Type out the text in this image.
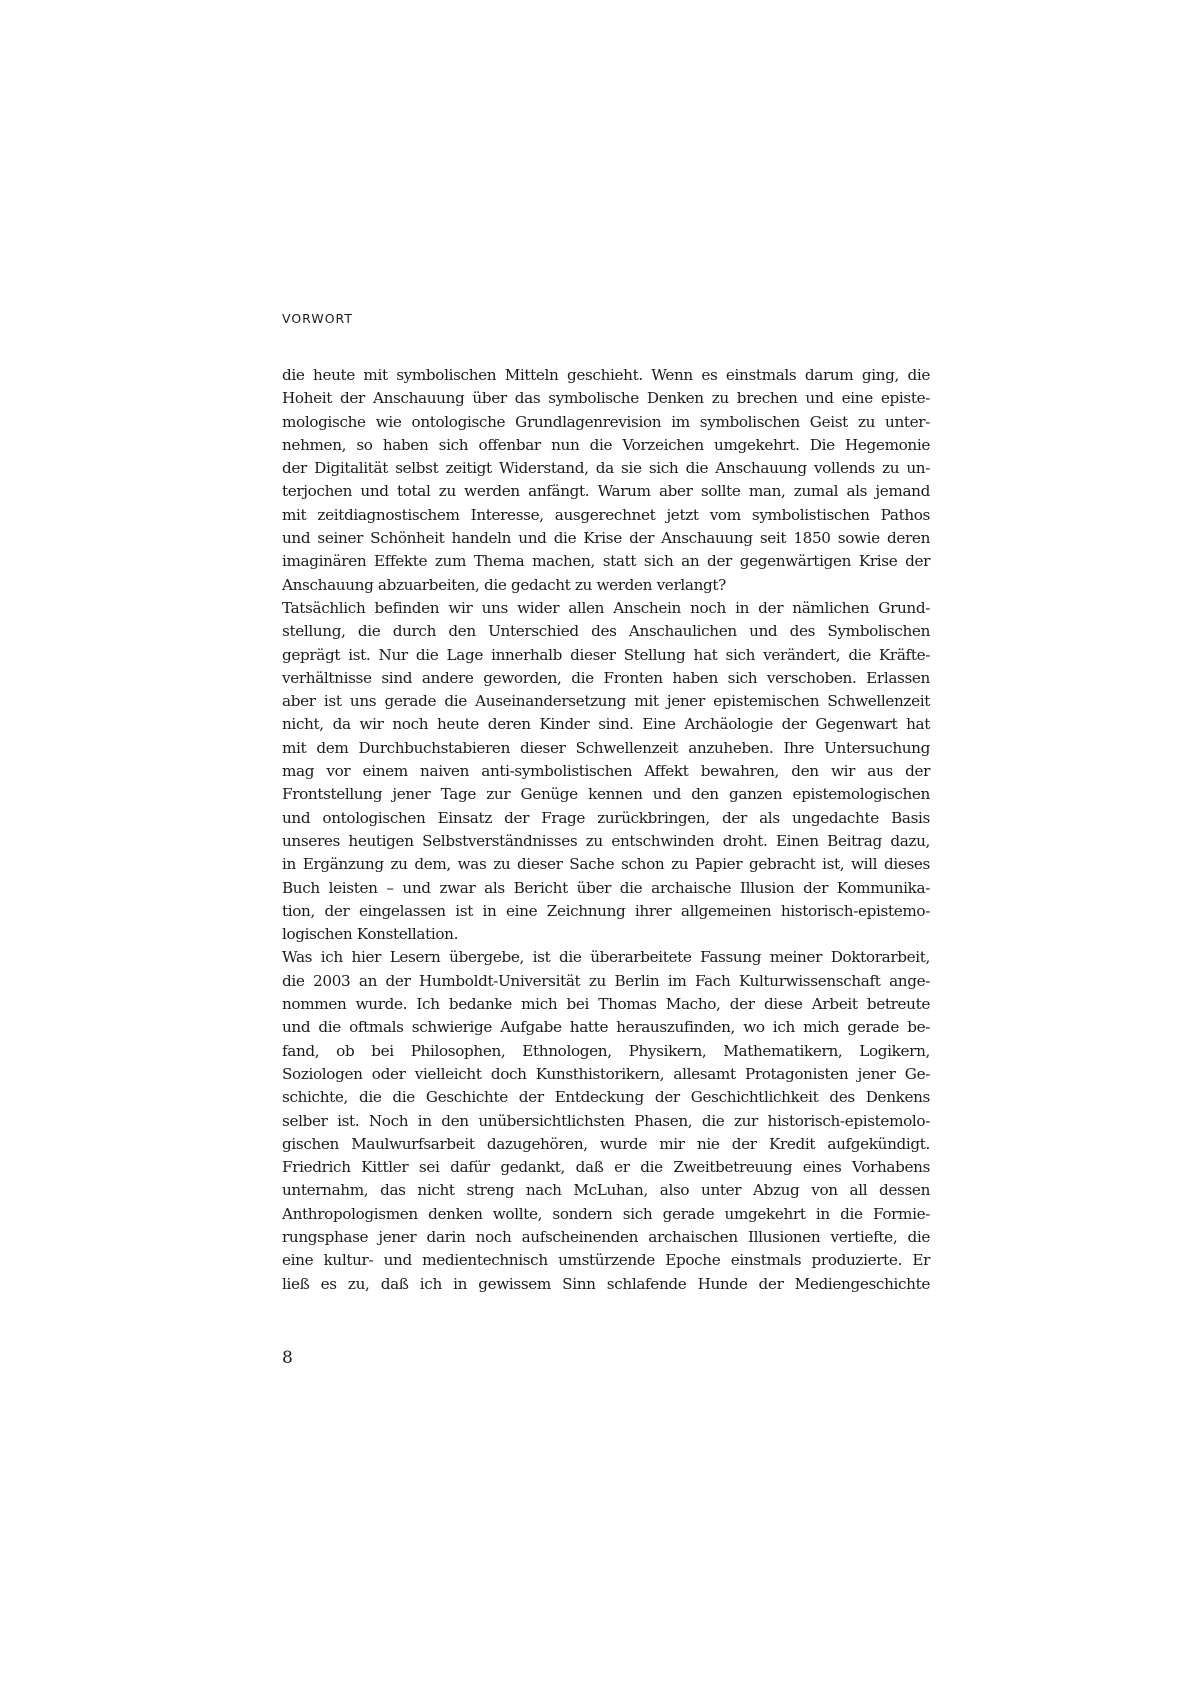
VORWORT
die heute mit symbolischen Mitteln geschieht. Wenn es einstmals darum ging, die
Hoheit der Anschauung über das symbolische Denken zu brechen und eine episte-
mologische wie ontologische Grundlagenrevision im symbolischen Geist zu unter-
nehmen, so haben sich offenbar nun die Vorzeichen umgekehrt. Die Hegemonie
der Digitalität selbst zeitigt Widerstand, da sie sich die Anschauung vollends zu un-
terjochen und total zu werden anfängt. Warum aber sollte man, zumal als jemand
mit zeitdiagnostischem Interesse, ausgerechnet jetzt vom symbolistischen Pathos
und seiner Schönheit handeln und die Krise der Anschauung seit 1850 sowie deren
imaginären Effekte zum Thema machen, statt sich an der gegenwärtigen Krise der
Anschauung abzuarbeiten, die gedacht zu werden verlangt?
Tatsächlich befinden wir uns wider allen Anschein noch in der nämlichen Grund-
stellung, die durch den Unterschied des Anschaulichen und des Symbolischen
geprägt ist. Nur die Lage innerhalb dieser Stellung hat sich verändert, die Kräfte-
verhältnisse sind andere geworden, die Fronten haben sich verschoben. Erlassen
aber ist uns gerade die Auseinandersetzung mit jener epistemischen Schwellenzeit
nicht, da wir noch heute deren Kinder sind. Eine Archäologie der Gegenwart hat
mit dem Durchbuchstabieren dieser Schwellenzeit anzuheben. Ihre Untersuchung
mag vor einem naiven anti-symbolistischen Affekt bewahren, den wir aus der
Frontstellung jener Tage zur Genüge kennen und den ganzen epistemologischen
und ontologischen Einsatz der Frage zurückbringen, der als ungedachte Basis
unseres heutigen Selbstverständnisses zu entschwinden droht. Einen Beitrag dazu,
in Ergänzung zu dem, was zu dieser Sache schon zu Papier gebracht ist, will dieses
Buch leisten – und zwar als Bericht über die archaische Illusion der Kommunika-
tion, der eingelassen ist in eine Zeichnung ihrer allgemeinen historisch-epistemo-
logischen Konstellation.
Was ich hier Lesern übergebe, ist die überarbeitete Fassung meiner Doktorarbeit,
die 2003 an der Humboldt-Universität zu Berlin im Fach Kulturwissenschaft ange-
nommen wurde. Ich bedanke mich bei Thomas Macho, der diese Arbeit betreute
und die oftmals schwierige Aufgabe hatte herauszufinden, wo ich mich gerade be-
fand, ob bei Philosophen, Ethnologen, Physikern, Mathematikern, Logikern,
Soziologen oder vielleicht doch Kunsthistorikern, allesamt Protagonisten jener Ge-
schichte, die die Geschichte der Entdeckung der Geschichtlichkeit des Denkens
selber ist. Noch in den unübersichtlichsten Phasen, die zur historisch-epistemolo-
gischen Maulwurfsarbeit dazugehören, wurde mir nie der Kredit aufgekündigt.
Friedrich Kittler sei dafür gedankt, daß er die Zweitbetreuung eines Vorhabens
unternahm, das nicht streng nach McLuhan, also unter Abzug von all dessen
Anthropologismen denken wollte, sondern sich gerade umgekehrt in die Formie-
rungsphase jener darin noch aufscheinenden archaischen Illusionen vertiefte, die
eine kultur- und medientechnisch umstürzende Epoche einstmals produzierte. Er
ließ es zu, daß ich in gewissem Sinn schlafende Hunde der Mediengeschichte
8
